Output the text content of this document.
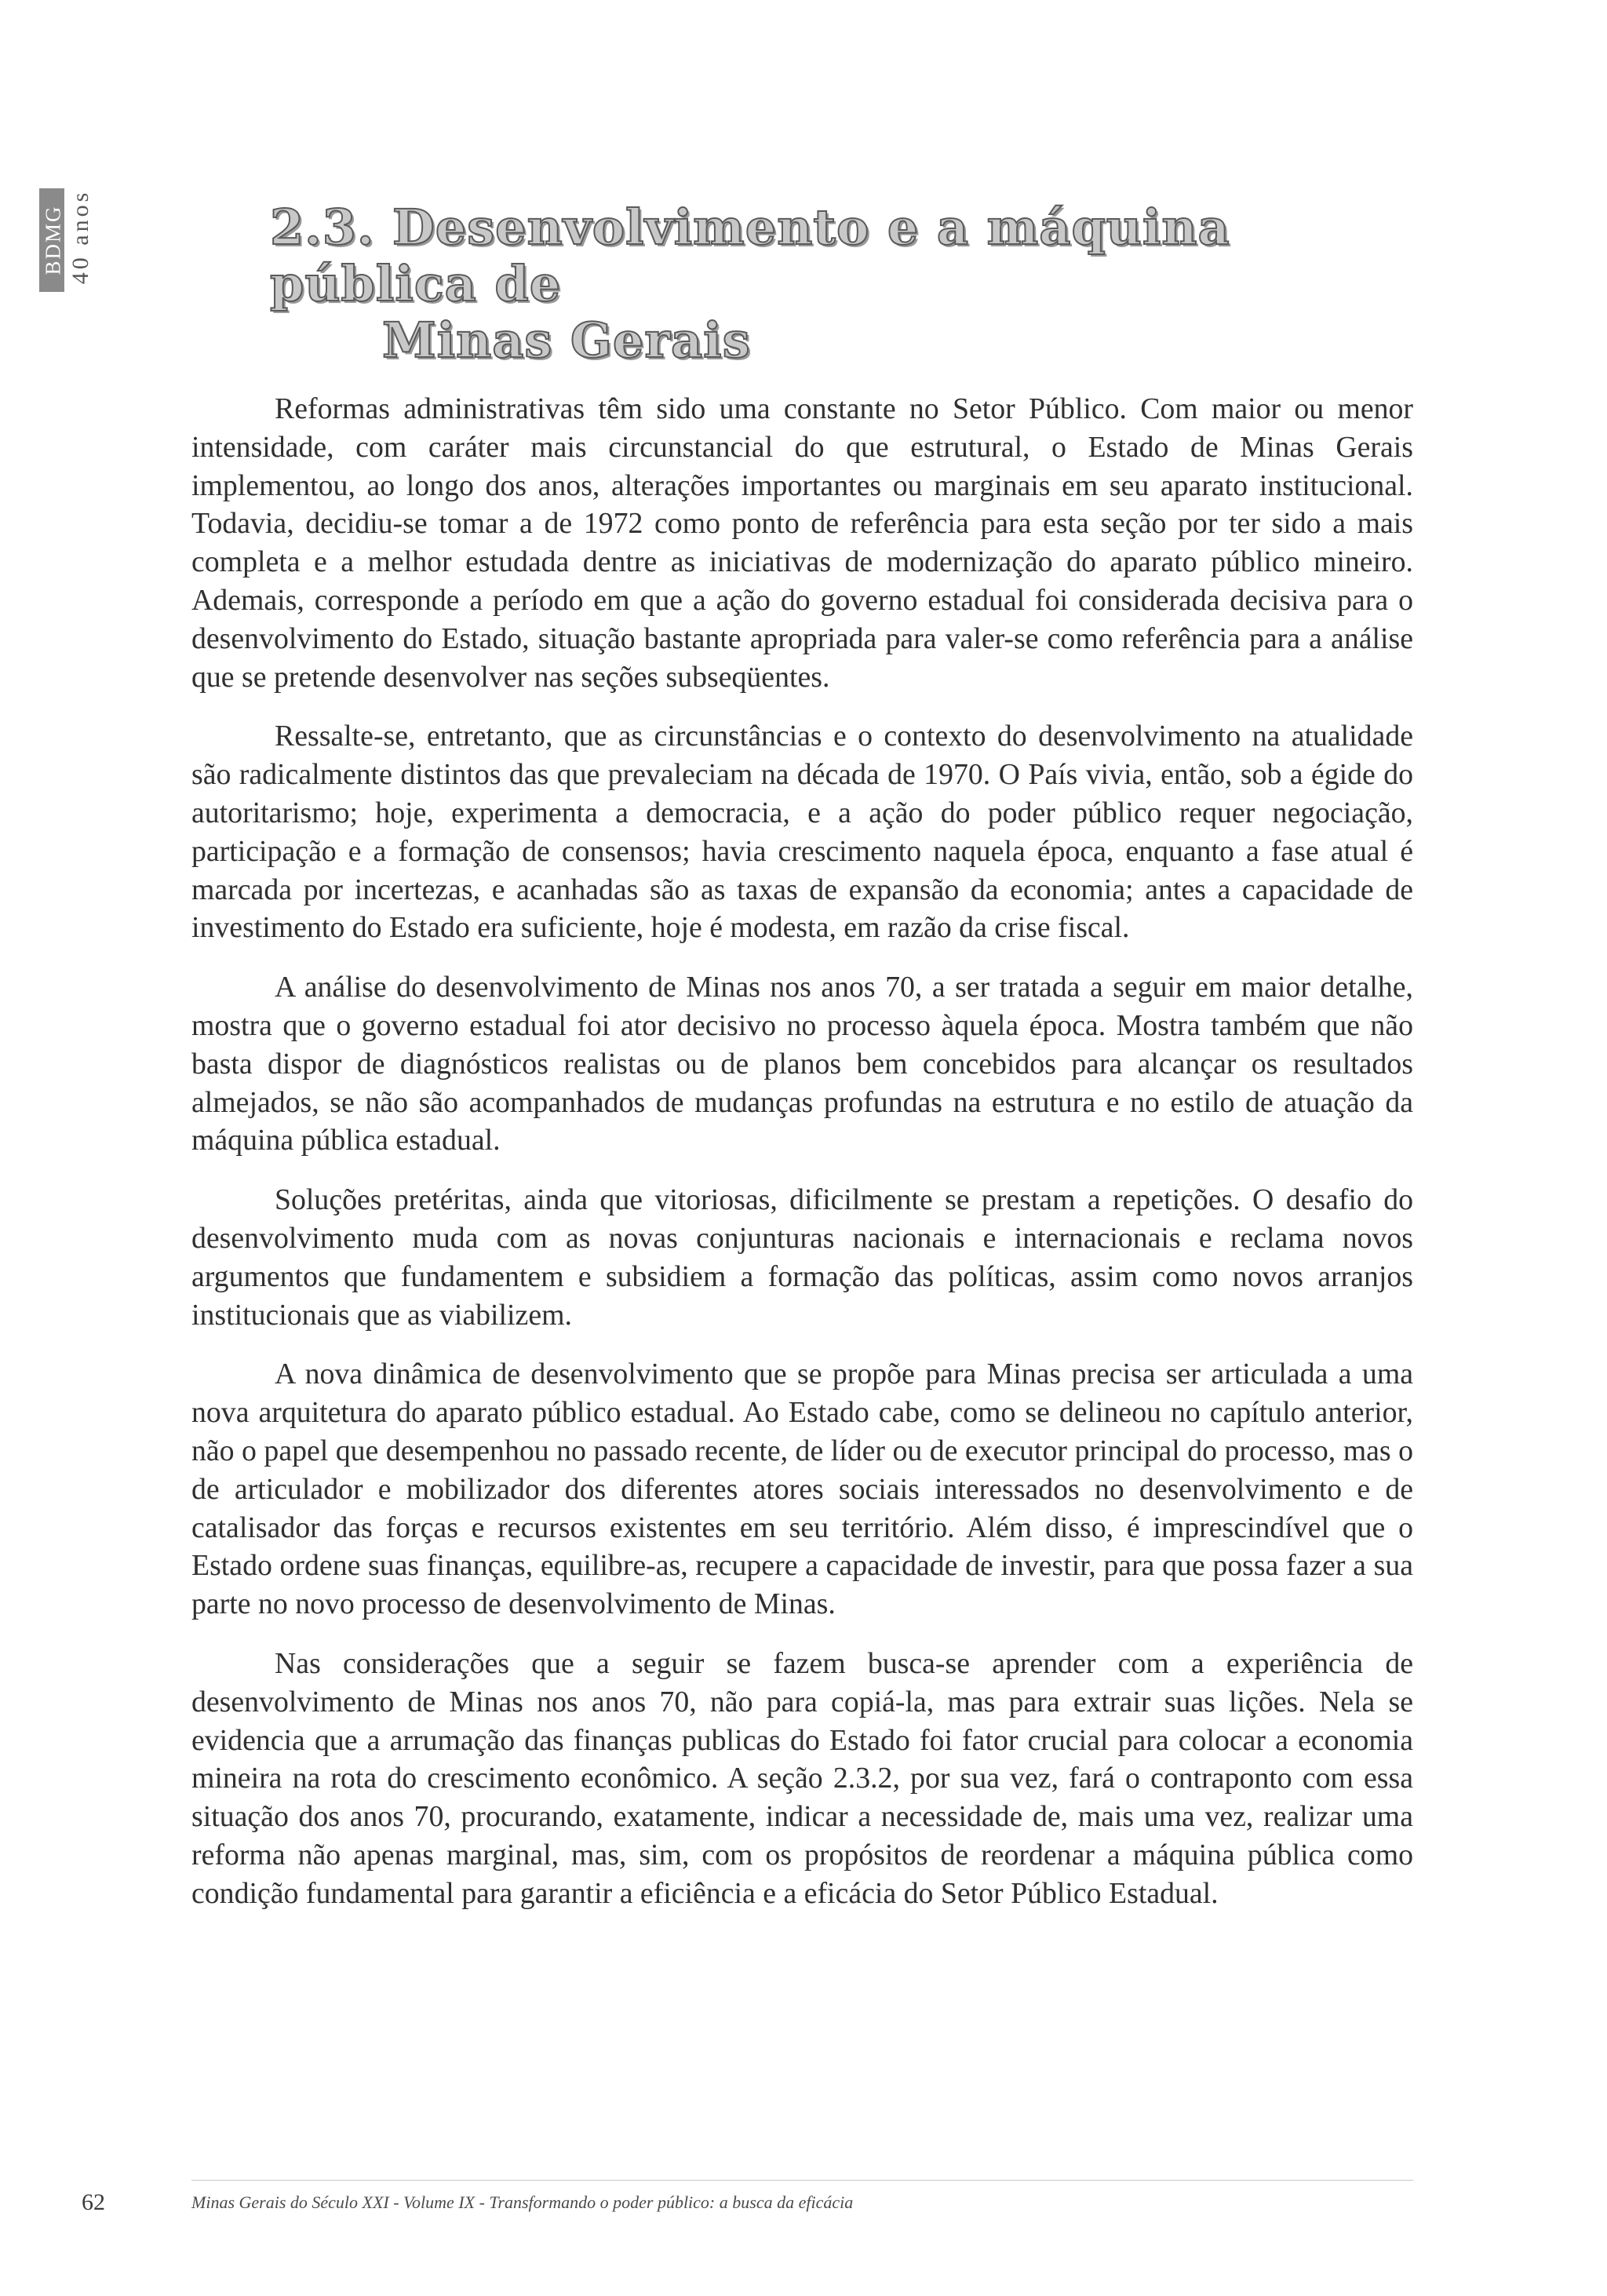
BDMG 40 anos	2.3. Desenvolvimento e a máquina pública de
Minas Gerais

Reformas administrativas têm sido uma constante no Setor Público. Com maior ou menor intensidade, com caráter mais circunstancial do que estrutural, o Estado de Minas Gerais implementou, ao longo dos anos, alterações importantes ou marginais em seu aparato institucional. Todavia, decidiu-se tomar a de 1972 como ponto de referência para esta seção por ter sido a mais completa e a melhor estudada dentre as iniciativas de modernização do aparato público mineiro. Ademais, corresponde a período em que a ação do governo estadual foi considerada decisiva para o desenvolvimento do Estado, situação bastante apropriada para valer-se como referência para a análise que se pretende desenvolver nas seções subseqüentes.

Ressalte-se, entretanto, que as circunstâncias e o contexto do desenvolvimento na atualidade são radicalmente distintos das que prevaleciam na década de 1970. O País vivia, então, sob a égide do autoritarismo; hoje, experimenta a democracia, e a ação do poder público requer negociação, participação e a formação de consensos; havia crescimento naquela época, enquanto a fase atual é marcada por incertezas, e acanhadas são as taxas de expansão da economia; antes a capacidade de investimento do Estado era suficiente, hoje é modesta, em razão da crise fiscal.

A análise do desenvolvimento de Minas nos anos 70, a ser tratada a seguir em maior detalhe, mostra que o governo estadual foi ator decisivo no processo àquela época. Mostra também que não basta dispor de diagnósticos realistas ou de planos bem concebidos para alcançar os resultados almejados, se não são acompanhados de mudanças profundas na estrutura e no estilo de atuação da máquina pública estadual.

Soluções pretéritas, ainda que vitoriosas, dificilmente se prestam a repetições. O desafio do desenvolvimento muda com as novas conjunturas nacionais e internacionais e reclama novos argumentos que fundamentem e subsidiem a formação das políticas, assim como novos arranjos institucionais que as viabilizem.

A nova dinâmica de desenvolvimento que se propõe para Minas precisa ser articulada a uma nova arquitetura do aparato público estadual. Ao Estado cabe, como se delineou no capítulo anterior, não o papel que desempenhou no passado recente, de líder ou de executor principal do processo, mas o de articulador e mobilizador dos diferentes atores sociais interessados no desenvolvimento e de catalisador das forças e recursos existentes em seu território. Além disso, é imprescindível que o Estado ordene suas finanças, equilibre-as, recupere a capacidade de investir, para que possa fazer a sua parte no novo processo de desenvolvimento de Minas.

Nas considerações que a seguir se fazem busca-se aprender com a experiência de desenvolvimento de Minas nos anos 70, não para copiá-la, mas para extrair suas lições. Nela se evidencia que a arrumação das finanças publicas do Estado foi fator crucial para colocar a economia mineira na rota do crescimento econômico. A seção 2.3.2, por sua vez, fará o contraponto com essa situação dos anos 70, procurando, exatamente, indicar a necessidade de, mais uma vez, realizar uma reforma não apenas marginal, mas, sim, com os propósitos de reordenar a máquina pública como condição fundamental para garantir a eficiência e a eficácia do Setor Público Estadual.

62	Minas Gerais do Século XXI - Volume IX - Transformando o poder público: a busca da eficácia
